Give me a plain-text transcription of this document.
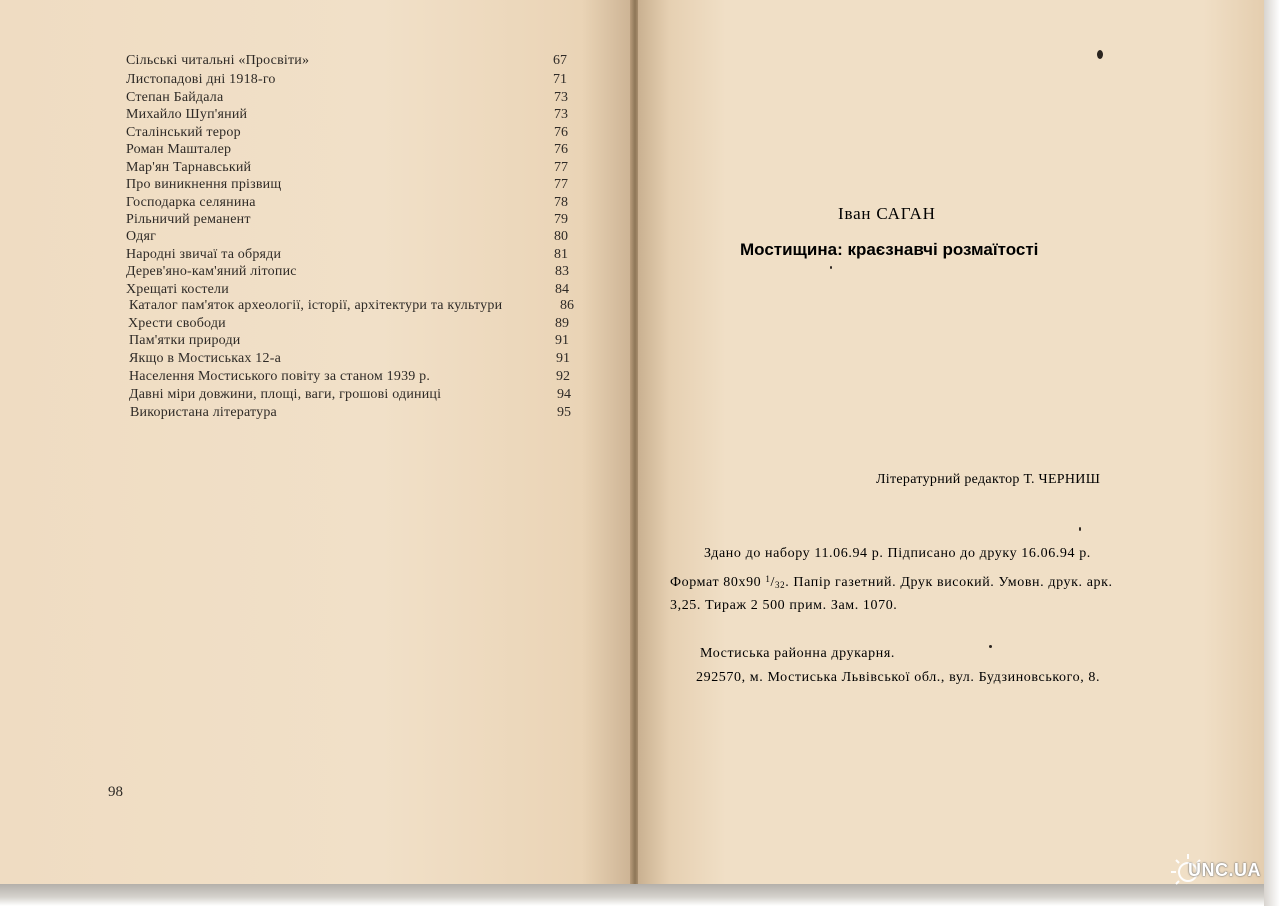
Сільські читальні «Просвіти»	67
Листопадові дні 1918-го	71
Степан Байдала	73
Михайло Шуп'яний	73
Сталінський терор	76
Роман Машталер	76
Мар'ян Тарнавський	77
Про виникнення прізвищ	77
Господарка селянина	78
Рільничий реманент	79
Одяг	80
Народні звичаї та обряди	81
Дерев'яно-кам'яний літопис	83
Хрещаті костели	84
Каталог пам'яток археології, історії, архітектури та культури	86
Хрести свободи	89
Пам'ятки природи	91
Якщо в Мостиськах 12-а	91
Населення Мостиського повіту за станом 1939 р.	92
Давні міри довжини, площі, ваги, грошові одиниці	94
Використана література	95
98
Іван САГАН
Мостищина: краєзнавчі розмаїтості
Літературний редактор Т. ЧЕРНИШ
Здано до набору 11.06.94 р. Підписано до друку 16.06.94 р.
Формат 80х90 $^1$/32. Папір газетний. Друк високий. Умовн. друк. арк.
3,25. Тираж 2 500 прим. Зам. 1070.
Мостиська районна друкарня.
292570, м. Мостиська Львівської обл., вул. Будзиновського, 8.
UNC.UA
